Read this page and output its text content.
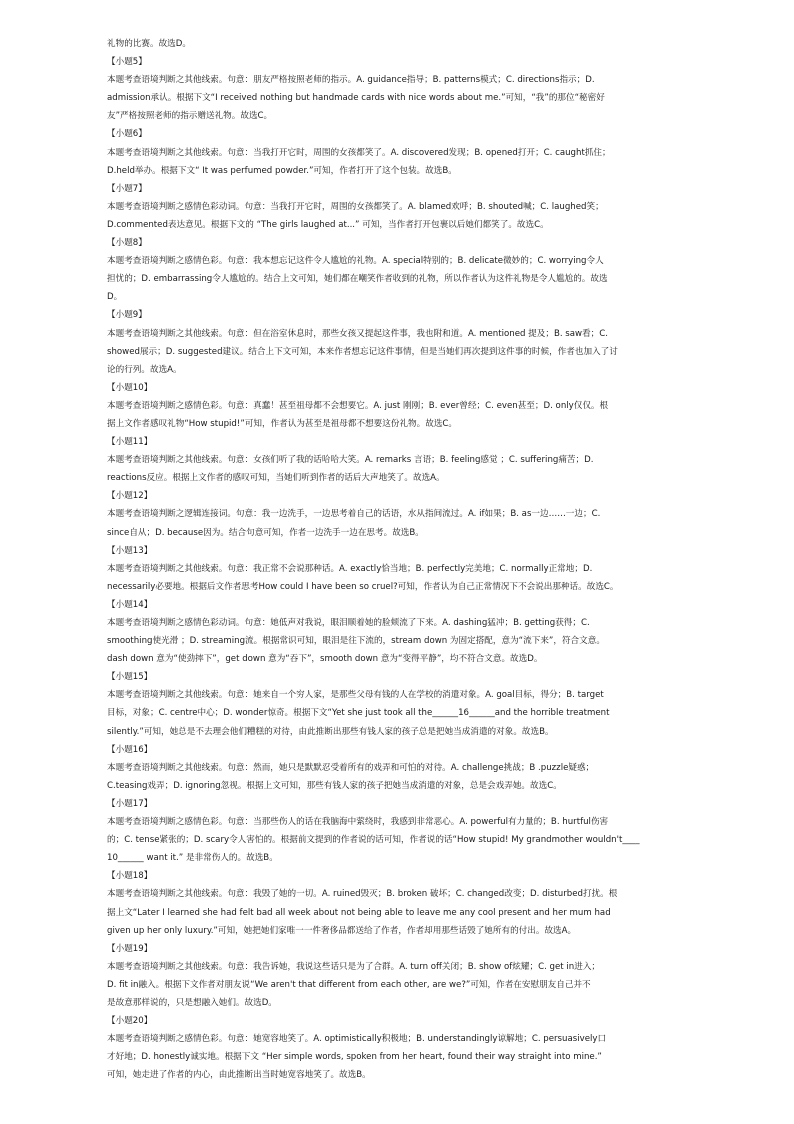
礼物的比赛。故选D。
【小题5】
本题考查语境判断之其他线索。句意：朋友严格按照老师的指示。A. guidance指导；B. patterns模式；C. directions指示；D.
admission承认。根据下文“I received nothing but handmade cards with nice words about me.”可知，“我”的那位“秘密好
友”严格按照老师的指示赠送礼物。故选C。
【小题6】
本题考查语境判断之其他线索。句意：当我打开它时，周围的女孩都笑了。A. discovered发现；B. opened打开；C. caught抓住；
D.held举办。根据下文“ It was perfumed powder.”可知，作者打开了这个包装。故选B。
【小题7】
本题考查语境判断之感情色彩动词。句意：当我打开它时，周围的女孩都笑了。A. blamed欢呼；B. shouted喊；C. laughed笑；
D.commented表达意见。根据下文的 “The girls laughed at...” 可知，当作者打开包裹以后她们都笑了。故选C。
【小题8】
本题考查语境判断之感情色彩。句意：我本想忘记这件令人尴尬的礼物。A. special特别的；B. delicate微妙的；C. worrying令人
担忧的；D. embarrassing令人尴尬的。结合上文可知，她们都在嘲笑作者收到的礼物，所以作者认为这件礼物是令人尴尬的。故选
D。
【小题9】
本题考查语境判断之其他线索。句意：但在浴室休息时，那些女孩又提起这件事，我也附和道。A. mentioned 提及；B. saw看；C.
showed展示；D. suggested建议。结合上下文可知，本来作者想忘记这件事情，但是当她们再次提到这件事的时候，作者也加入了讨
论的行列。故选A。
【小题10】
本题考查语境判断之感情色彩。句意：真蠢！甚至祖母都不会想要它。A. just 刚刚；B. ever曾经；C. even甚至；D. only仅仅。根
据上文作者感叹礼物“How stupid!”可知，作者认为甚至是祖母都不想要这份礼物。故选C。
【小题11】
本题考查语境判断之其他线索。句意：女孩们听了我的话哈哈大笑。A. remarks 言语；B. feeling感觉 ；C. suffering痛苦；D.
reactions反应。根据上文作者的感叹可知，当她们听到作者的话后大声地笑了。故选A。
【小题12】
本题考查语境判断之逻辑连接词。句意：我一边洗手，一边思考着自己的话语，水从指间流过。A. if如果；B. as一边……一边；C.
since自从；D. because因为。结合句意可知，作者一边洗手一边在思考。故选B。
【小题13】
本题考查语境判断之其他线索。句意：我正常不会说那种话。A. exactly恰当地；B. perfectly完美地；C. normally正常地；D.
necessarily必要地。根据后文作者思考How could I have been so cruel?可知，作者认为自己正常情况下不会说出那种话。故选C。
【小题14】
本题考查语境判断之感情色彩动词。句意：她低声对我说，眼泪顺着她的脸颊流了下来。A. dashing猛冲；B. getting获得；C.
smoothing使光滑 ；D. streaming流。根据常识可知，眼泪是往下流的，stream down 为固定搭配，意为“流下来”，符合文意。
dash down 意为“使劲摔下”，get down 意为“吞下”，smooth down 意为“变得平静”，均不符合文意。故选D。
【小题15】
本题考查语境判断之其他线索。句意：她来自一个穷人家，是那些父母有钱的人在学校的消遣对象。A. goal目标，得分；B. target
目标，对象；C. centre中心；D. wonder惊奇。根据下文“Yet she just took all the______16______and the horrible treatment
silently.”可知，她总是不去理会他们糟糕的对待，由此推断出那些有钱人家的孩子总是把她当成消遣的对象。故选B。
【小题16】
本题考查语境判断之其他线索。句意：然而，她只是默默忍受着所有的戏弄和可怕的对待。A. challenge挑战；B .puzzle疑惑；
C.teasing戏弄；D. ignoring忽视。根据上文可知，那些有钱人家的孩子把她当成消遣的对象，总是会戏弄她。故选C。
【小题17】
本题考查语境判断之感情色彩。句意：当那些伤人的话在我脑海中萦绕时，我感到非常恶心。A. powerful有力量的；B. hurtful伤害
的；C. tense紧张的；D. scary令人害怕的。根据前文提到的作者说的话可知，作者说的话“How stupid! My grandmother wouldn't____
10______ want it.” 是非常伤人的。故选B。
【小题18】
本题考查语境判断之其他线索。句意：我毁了她的一切。A. ruined毁灭；B. broken 破坏；C. changed改变；D. disturbed打扰。根
据上文“Later I learned she had felt bad all week about not being able to leave me any cool present and her mum had
given up her only luxury.”可知，她把她们家唯一一件奢侈品都送给了作者，作者却用那些话毁了她所有的付出。故选A。
【小题19】
本题考查语境判断之其他线索。句意：我告诉她，我说这些话只是为了合群。A. turn off关闭；B. show of炫耀；C. get in进入；
D. fit in融入。根据下文作者对朋友说“We aren't that different from each other, are we?”可知，作者在安慰朋友自己并不
是故意那样说的，只是想融入她们。故选D。
【小题20】
本题考查语境判断之感情色彩。句意：她宽容地笑了。A. optimistically积极地；B. understandingly谅解地；C. persuasively口
才好地；D. honestly诚实地。根据下文 “Her simple words, spoken from her heart, found their way straight into mine.”
可知，她走进了作者的内心，由此推断出当时她宽容地笑了。故选B。
